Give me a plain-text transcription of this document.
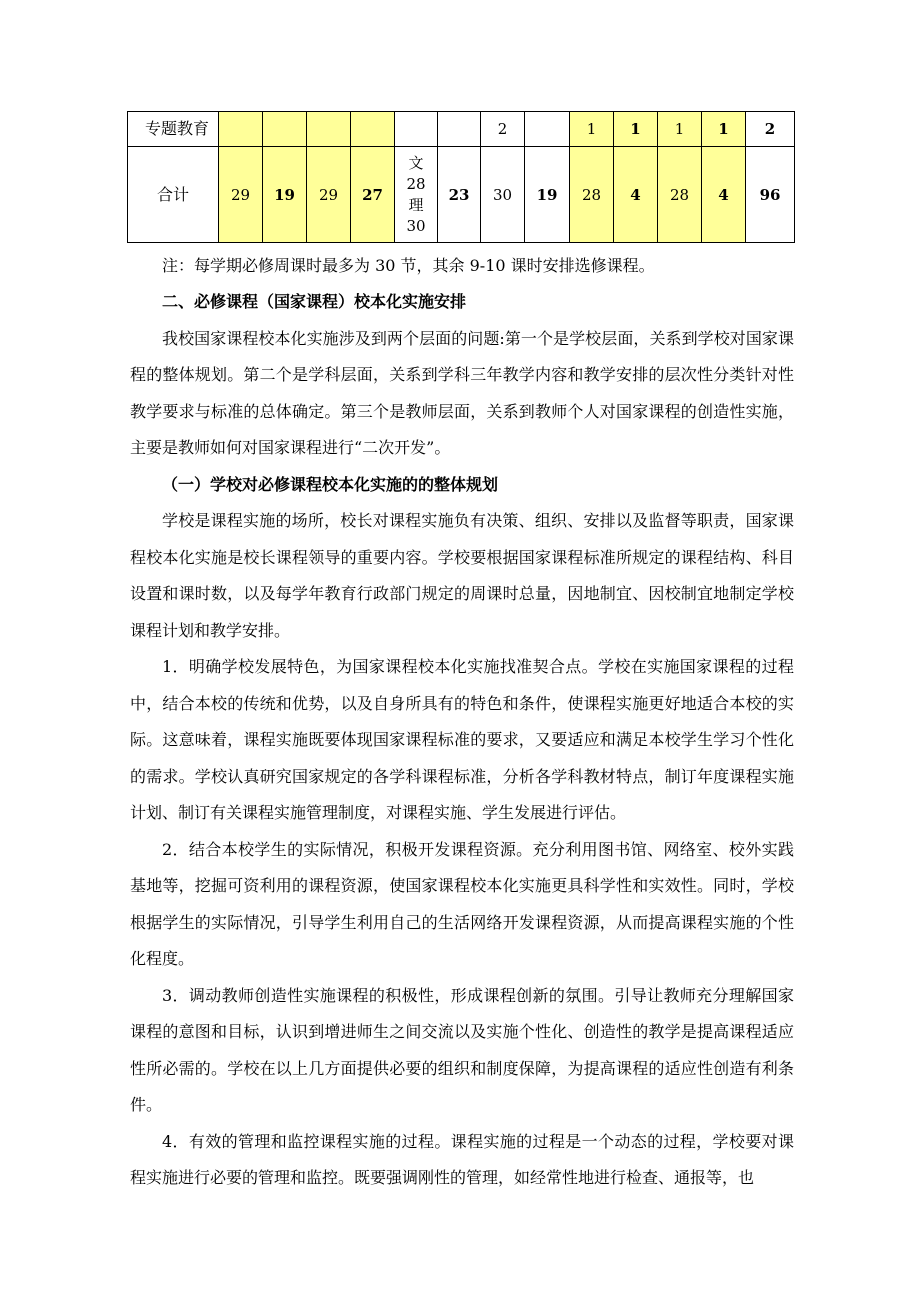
专题教育							2		1	1	1	1	2
合计	29	19	29	27	文
28
理
30	23	30	19	28	4	28	4	96

注：每学期必修周课时最多为 30 节，其余 9-10 课时安排选修课程。

二、必修课程（国家课程）校本化实施安排

我校国家课程校本化实施涉及到两个层面的问题:第一个是学校层面，关系到学校对国家课程的整体规划。第二个是学科层面，关系到学科三年教学内容和教学安排的层次性分类针对性教学要求与标准的总体确定。第三个是教师层面，关系到教师个人对国家课程的创造性实施，主要是教师如何对国家课程进行“二次开发”。

（一）学校对必修课程校本化实施的的整体规划

学校是课程实施的场所，校长对课程实施负有决策、组织、安排以及监督等职责，国家课程校本化实施是校长课程领导的重要内容。学校要根据国家课程标准所规定的课程结构、科目设置和课时数，以及每学年教育行政部门规定的周课时总量，因地制宜、因校制宜地制定学校课程计划和教学安排。

1．明确学校发展特色，为国家课程校本化实施找准契合点。学校在实施国家课程的过程中，结合本校的传统和优势，以及自身所具有的特色和条件，使课程实施更好地适合本校的实际。这意味着，课程实施既要体现国家课程标准的要求，又要适应和满足本校学生学习个性化的需求。学校认真研究国家规定的各学科课程标准，分析各学科教材特点，制订年度课程实施计划、制订有关课程实施管理制度，对课程实施、学生发展进行评估。

2．结合本校学生的实际情况，积极开发课程资源。充分利用图书馆、网络室、校外实践基地等，挖掘可资利用的课程资源，使国家课程校本化实施更具科学性和实效性。同时，学校根据学生的实际情况，引导学生利用自己的生活网络开发课程资源，从而提高课程实施的个性化程度。

3．调动教师创造性实施课程的积极性，形成课程创新的氛围。引导让教师充分理解国家课程的意图和目标，认识到增进师生之间交流以及实施个性化、创造性的教学是提高课程适应性所必需的。学校在以上几方面提供必要的组织和制度保障，为提高课程的适应性创造有利条件。

4．有效的管理和监控课程实施的过程。课程实施的过程是一个动态的过程，学校要对课程实施进行必要的管理和监控。既要强调刚性的管理，如经常性地进行检查、通报等，也
